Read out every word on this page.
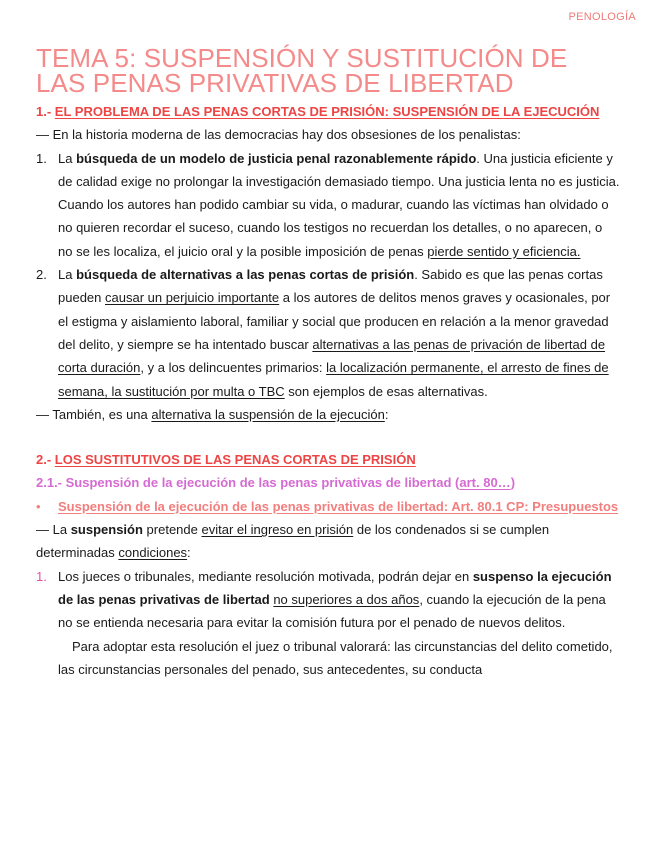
PENOLOGÍA
TEMA 5: SUSPENSIÓN Y SUSTITUCIÓN DE
LAS PENAS PRIVATIVAS DE LIBERTAD

1.- EL PROBLEMA DE LAS PENAS CORTAS DE PRISIÓN: SUSPENSIÓN DE LA EJECUCIÓN

— En la historia moderna de las democracias hay dos obsesiones de los penalistas:

1. La búsqueda de un modelo de justicia penal razonablemente rápido. Una justicia eficiente y de calidad exige no prolongar la investigación demasiado tiempo. Una justicia lenta no es justicia. Cuando los autores han podido cambiar su vida, o madurar, cuando las víctimas han olvidado o no quieren recordar el suceso, cuando los testigos no recuerdan los detalles, o no aparecen, o no se les localiza, el juicio oral y la posible imposición de penas pierde sentido y eficiencia.
2. La búsqueda de alternativas a las penas cortas de prisión. Sabido es que las penas cortas pueden causar un perjuicio importante a los autores de delitos menos graves y ocasionales, por el estigma y aislamiento laboral, familiar y social que producen en relación a la menor gravedad del delito, y siempre se ha intentado buscar alternativas a las penas de privación de libertad de corta duración, y a los delincuentes primarios: la localización permanente, el arresto de fines de semana, la sustitución por multa o TBC son ejemplos de esas alternativas.

— También, es una alternativa la suspensión de la ejecución:

2.- LOS SUSTITUTIVOS DE LAS PENAS CORTAS DE PRISIÓN

2.1.- Suspensión de la ejecución de las penas privativas de libertad (art. 80…)

•	Suspensión de la ejecución de las penas privativas de libertad: Art. 80.1 CP: Presupuestos

— La suspensión pretende evitar el ingreso en prisión de los condenados si se cumplen determinadas condiciones:

1. Los jueces o tribunales, mediante resolución motivada, podrán dejar en suspenso la ejecución de las penas privativas de libertad no superiores a dos años, cuando la ejecución de la pena no se entienda necesaria para evitar la comisión futura por el penado de nuevos delitos.

Para adoptar esta resolución el juez o tribunal valorará: las circunstancias del delito cometido, las circunstancias personales del penado, sus antecedentes, su conducta
